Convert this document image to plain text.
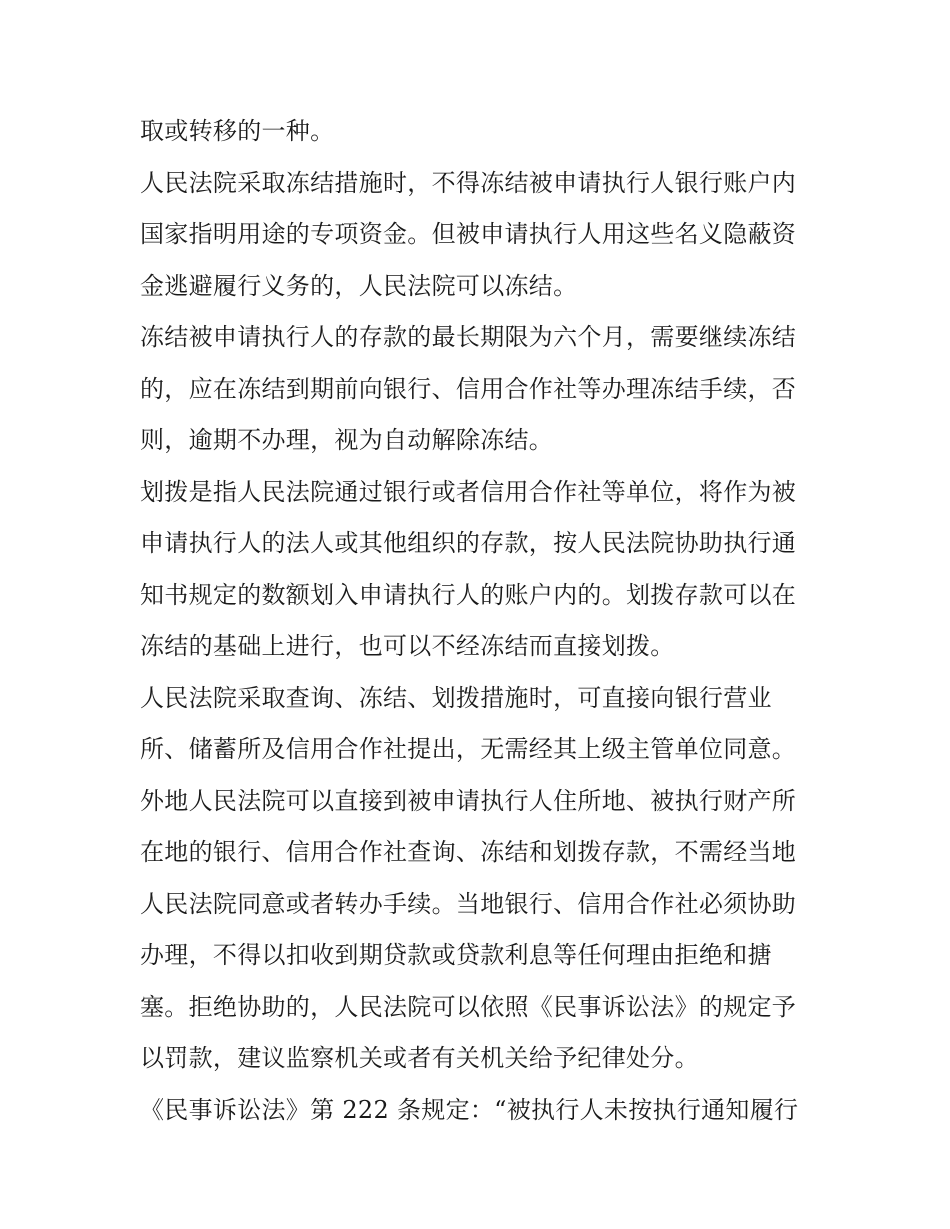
取或转移的一种。
人民法院采取冻结措施时，不得冻结被申请执行人银行账户内
国家指明用途的专项资金。但被申请执行人用这些名义隐蔽资
金逃避履行义务的，人民法院可以冻结。
冻结被申请执行人的存款的最长期限为六个月，需要继续冻结
的，应在冻结到期前向银行、信用合作社等办理冻结手续，否
则，逾期不办理，视为自动解除冻结。
划拨是指人民法院通过银行或者信用合作社等单位，将作为被
申请执行人的法人或其他组织的存款，按人民法院协助执行通
知书规定的数额划入申请执行人的账户内的。划拨存款可以在
冻结的基础上进行，也可以不经冻结而直接划拨。
人民法院采取查询、冻结、划拨措施时，可直接向银行营业
所、储蓄所及信用合作社提出，无需经其上级主管单位同意。
外地人民法院可以直接到被申请执行人住所地、被执行财产所
在地的银行、信用合作社查询、冻结和划拨存款，不需经当地
人民法院同意或者转办手续。当地银行、信用合作社必须协助
办理，不得以扣收到期贷款或贷款利息等任何理由拒绝和搪
塞。拒绝协助的，人民法院可以依照《民事诉讼法》的规定予
以罚款，建议监察机关或者有关机关给予纪律处分。
《民事诉讼法》第 222 条规定：“被执行人未按执行通知履行
